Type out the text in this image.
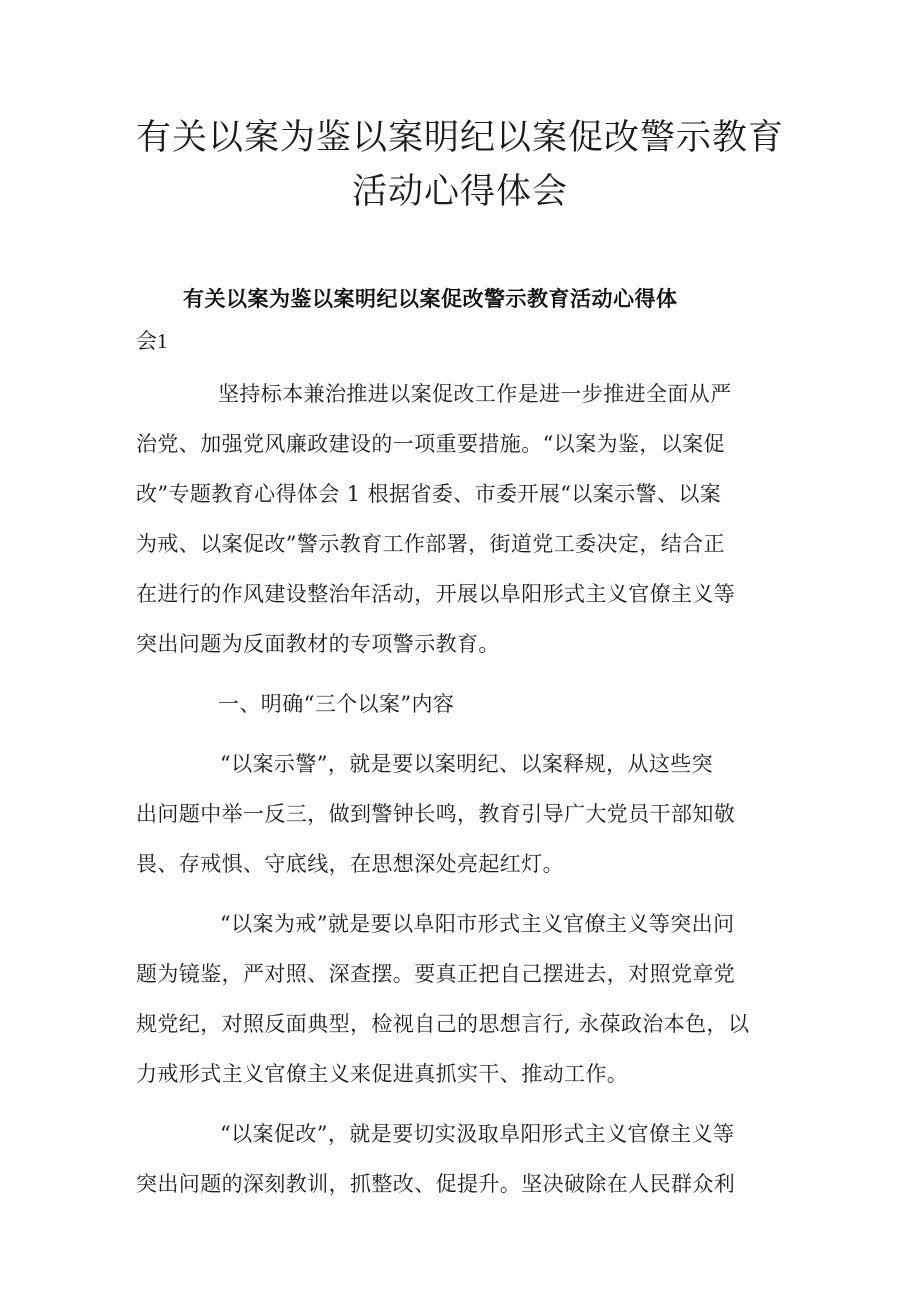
有关以案为鉴以案明纪以案促改警示教育
活动心得体会
有关以案为鉴以案明纪以案促改警示教育活动心得体
会1
坚持标本兼治推进以案促改工作是进一步推进全面从严
治党、加强党风廉政建设的一项重要措施。“以案为鉴，以案促
改”专题教育心得体会 1 根据省委、市委开展“以案示警、以案
为戒、以案促改”警示教育工作部署，街道党工委决定，结合正
在进行的作风建设整治年活动，开展以阜阳形式主义官僚主义等
突出问题为反面教材的专项警示教育。
一、明确“三个以案”内容
“以案示警”，就是要以案明纪、以案释规，从这些突
出问题中举一反三，做到警钟长鸣，教育引导广大党员干部知敬
畏、存戒惧、守底线，在思想深处亮起红灯。
“以案为戒”就是要以阜阳市形式主义官僚主义等突出问
题为镜鉴，严对照、深查摆。要真正把自己摆进去，对照党章党
规党纪，对照反面典型，检视自己的思想言行, 永葆政治本色，以
力戒形式主义官僚主义来促进真抓实干、推动工作。
“以案促改”，就是要切实汲取阜阳形式主义官僚主义等
突出问题的深刻教训，抓整改、促提升。坚决破除在人民群众利
